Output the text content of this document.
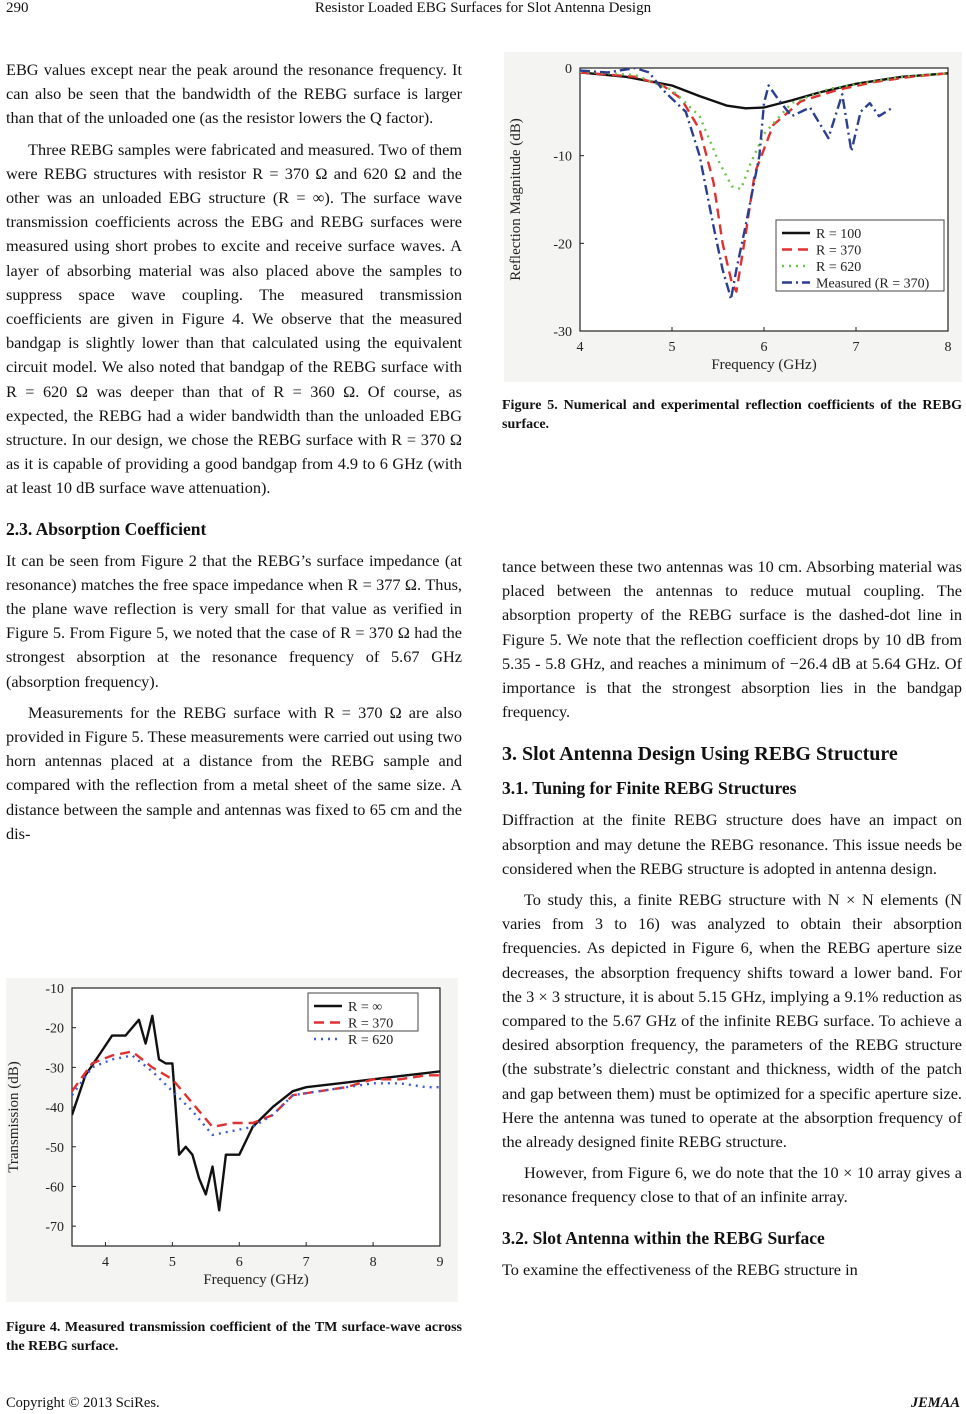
290	Resistor Loaded EBG Surfaces for Slot Antenna Design

EBG values except near the peak around the resonance frequency. It can also be seen that the bandwidth of the REBG surface is larger than that of the unloaded one (as the resistor lowers the Q factor).

Three REBG samples were fabricated and measured. Two of them were REBG structures with resistor R = 370 Ω and 620 Ω and the other was an unloaded EBG structure (R = ∞). The surface wave transmission coefficients across the EBG and REBG surfaces were measured using short probes to excite and receive surface waves. A layer of absorbing material was also placed above the samples to suppress space wave coupling. The measured transmission coefficients are given in Figure 4. We observe that the measured bandgap is slightly lower than that calculated using the equivalent circuit model. We also noted that bandgap of the REBG surface with R = 620 Ω was deeper than that of R = 360 Ω. Of course, as expected, the REBG had a wider bandwidth than the unloaded EBG structure. In our design, we chose the REBG surface with R = 370 Ω as it is capable of providing a good bandgap from 4.9 to 6 GHz (with at least 10 dB surface wave attenuation).

2.3. Absorption Coefficient

It can be seen from Figure 2 that the REBG’s surface impedance (at resonance) matches the free space impedance when R = 377 Ω. Thus, the plane wave reflection is very small for that value as verified in Figure 5. From Figure 5, we noted that the case of R = 370 Ω had the strongest absorption at the resonance frequency of 5.67 GHz (absorption frequency).

Measurements for the REBG surface with R = 370 Ω are also provided in Figure 5. These measurements were carried out using two horn antennas placed at a distance from the REBG sample and compared with the reflection from a metal sheet of the same size. A distance between the sample and antennas was fixed to 65 cm and the dis-

-10
-20
-30
-40
-50
-60
-70
4	5	6	7	8	9
Frequency (GHz)
Transmission (dB)
R = ∞
R = 370
R = 620
Figure 4. Measured transmission coefficient of the TM surface-wave across the REBG surface.
0
-10
-20
-30
4	5	6	7	8
Frequency (GHz)
Reflection Magnitude (dB)	R = 100
R = 370
R = 620
Measured (R = 370)
Figure 5. Numerical and experimental reflection coefficients of the REBG surface.

tance between these two antennas was 10 cm. Absorbing material was placed between the antennas to reduce mutual coupling. The absorption property of the REBG surface is the dashed-dot line in Figure 5. We note that the reflection coefficient drops by 10 dB from 5.35 - 5.8 GHz, and reaches a minimum of −26.4 dB at 5.64 GHz. Of importance is that the strongest absorption lies in the bandgap frequency.

3. Slot Antenna Design Using REBG Structure
3.1. Tuning for Finite REBG Structures

Diffraction at the finite REBG structure does have an impact on absorption and may detune the REBG resonance. This issue needs be considered when the REBG structure is adopted in antenna design.

To study this, a finite REBG structure with N × N elements (N varies from 3 to 16) was analyzed to obtain their absorption frequencies. As depicted in Figure 6, when the REBG aperture size decreases, the absorption frequency shifts toward a lower band. For the 3 × 3 structure, it is about 5.15 GHz, implying a 9.1% reduction as compared to the 5.67 GHz of the infinite REBG surface. To achieve a desired absorption frequency, the parameters of the REBG structure (the substrate’s dielectric constant and thickness, width of the patch and gap between them) must be optimized for a specific aperture size. Here the antenna was tuned to operate at the absorption frequency of the already designed finite REBG structure.

However, from Figure 6, we do note that the 10 × 10 array gives a resonance frequency close to that of an infinite array.

3.2. Slot Antenna within the REBG Surface

To examine the effectiveness of the REBG structure in

Copyright © 2013 SciRes.	JEMAA
